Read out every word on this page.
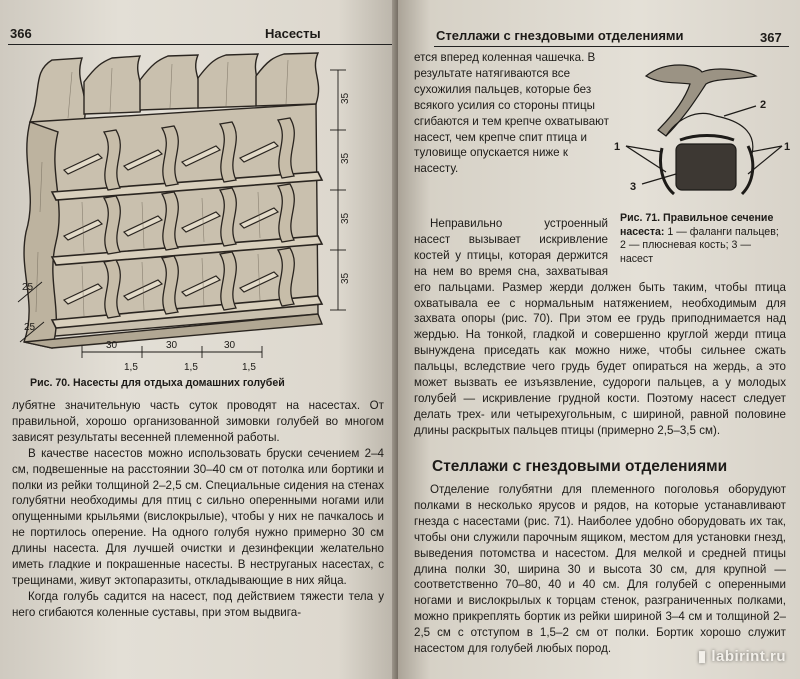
366	Насесты
35
35
35
35
25
25
30	30	30
1,5	1,5	1,5
Рис. 70. Насесты для отдыха домашних голубей

лубятне значительную часть суток проводят на насестах. От правильной, хорошо организованной зимовки голубей во многом зависят результаты весенней племенной работы.

В качестве насестов можно использовать бруски сечением 2–4 см, подвешенные на расстоянии 30–40 см от потолка или бортики и полки из рейки толщиной 2–2,5 см. Специальные сидения на стенах голубятни необходимы для птиц с сильно оперенными ногами или опущенными крыльями (вислокрылые), чтобы у них не пачкалось и не портилось оперение. На одного голубя нужно примерно 30 см длины насеста. Для лучшей очистки и дезинфекции желательно иметь гладкие и покрашенные насесты. В неструганых насестах, с трещинами, живут эктопаразиты, откладывающие в них яйца.

Когда голубь садится на насест, под действием тяжести тела у него сгибаются коленные суставы, при этом выдвига-

Стеллажи с гнездовыми отделениями	367

ется вперед коленная чашечка. В результате натягиваются все сухожилия пальцев, которые без всякого усилия со стороны птицы сгибаются и тем крепче охватывают насест, чем крепче спит птица и туловище опускается ниже к насесту.

1
2
3
1
Рис. 71. Правильное сечение насеста: 1 — фаланги пальцев; 2 — плюсневая кость; 3 — насест

Неправильно устроенный насест вызывает искривление костей у птицы, которая держится на нем во время сна, захватывая его пальцами. Размер жерди должен быть таким, чтобы птица охватывала ее с нормальным натяжением, необходимым для захвата опоры (рис. 70). При этом ее грудь приподнимается над жердью. На тонкой, гладкой и совершенно круглой жерди птица вынуждена приседать как можно ниже, чтобы сильнее сжать пальцы, вследствие чего грудь будет опираться на жердь, а это может вызвать ее изъязвление, судороги пальцев, а у молодых голубей — искривление грудной кости. Поэтому насест следует делать трех- или четырехугольным, с шириной, равной половине длины раскрытых пальцев птицы (примерно 2,5–3,5 см).

Стеллажи с гнездовыми отделениями

Отделение голубятни для племенного поголовья оборудуют полками в несколько ярусов и рядов, на которые устанавливают гнезда с насестами (рис. 71). Наиболее удобно оборудовать их так, чтобы они служили парочным ящиком, местом для установки гнезд, выведения потомства и насестом. Для мелкой и средней птицы длина полки 30, ширина 30 и высота 30 см, для крупной — соответственно 70–80, 40 и 40 см. Для голубей с оперенными ногами и вислокрылых к торцам стенок, разграниченных полками, можно прикреплять бортик из рейки шириной 3–4 см и толщиной 2–2,5 см с отступом в 1,5–2 см от полки. Бортик хорошо служит насестом для голубей любых пород.	▮ labirint.ru
